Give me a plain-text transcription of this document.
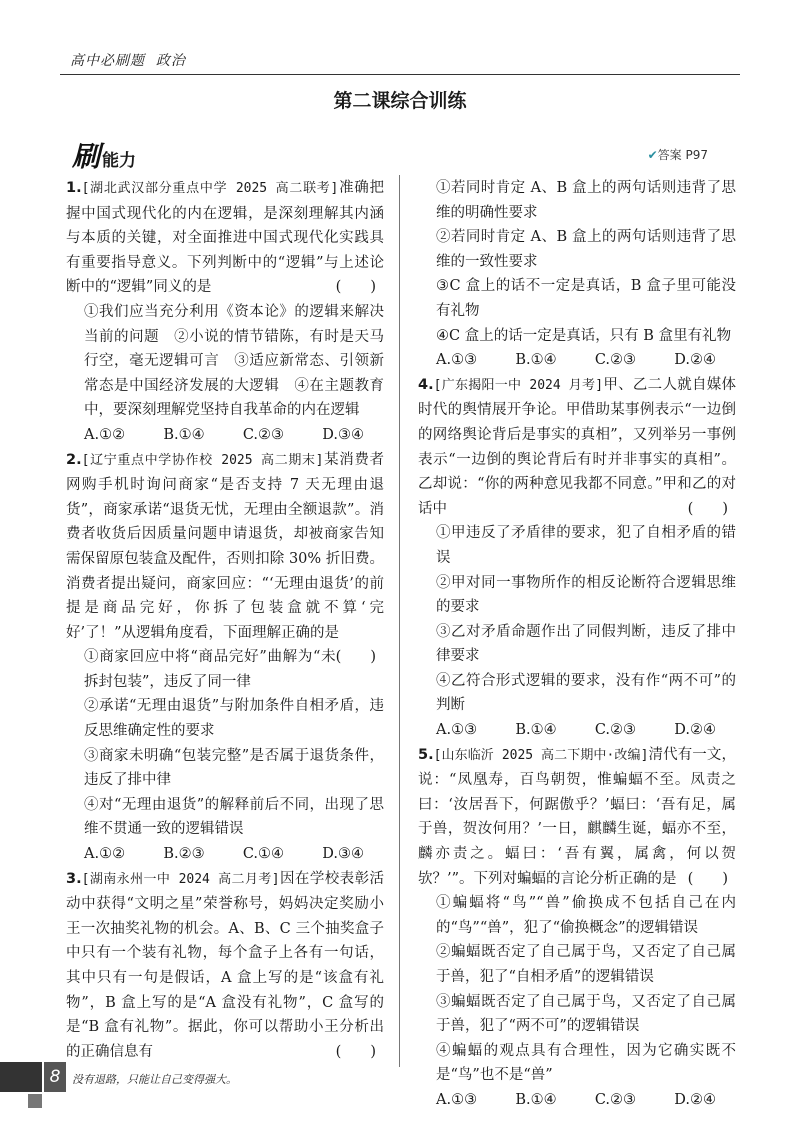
高中必刷题 政治
第二课综合训练
刷能力	✔答案 P97
1.[湖北武汉部分重点中学 2025 高二联考]准确把握中国式现代化的内在逻辑，是深刻理解其内涵与本质的关键，对全面推进中国式现代化实践具有重要指导意义。下列判断中的“逻辑”与上述论断中的“逻辑”同义的是	(　　)
①我们应当充分利用《资本论》的逻辑来解决当前的问题　②小说的情节错陈，有时是天马行空，毫无逻辑可言　③适应新常态、引领新常态是中国经济发展的大逻辑　④在主题教育中，要深刻理解党坚持自我革命的内在逻辑
A.①②	B.①④	C.②③	D.③④
2.[辽宁重点中学协作校 2025 高二期末]某消费者网购手机时询问商家“是否支持 7 天无理由退货”，商家承诺“退货无忧，无理由全额退款”。消费者收货后因质量问题申请退货，却被商家告知需保留原包装盒及配件，否则扣除 30% 折旧费。消费者提出疑问，商家回应：“‘无理由退货’的前提是商品完好，你拆了包装盒就不算‘完好’了！”从逻辑角度看，下面理解正确的是
(　　)
①商家回应中将“商品完好”曲解为“未拆封包装”，违反了同一律
②承诺“无理由退货”与附加条件自相矛盾，违反思维确定性的要求
③商家未明确“包装完整”是否属于退货条件，违反了排中律
④对“无理由退货”的解释前后不同，出现了思维不贯通一致的逻辑错误
A.①②	B.②③	C.①④	D.③④
3.[湖南永州一中 2024 高二月考]因在学校表彰活动中获得“文明之星”荣誉称号，妈妈决定奖励小王一次抽奖礼物的机会。A、B、C 三个抽奖盒子中只有一个装有礼物，每个盒子上各有一句话，其中只有一句是假话，A 盒上写的是“该盒有礼物”，B 盒上写的是“A 盒没有礼物”，C 盒写的是“B 盒有礼物”。据此，你可以帮助小王分析出的正确信息有	(　　)
①若同时肯定 A、B 盒上的两句话则违背了思维的明确性要求
②若同时肯定 A、B 盒上的两句话则违背了思维的一致性要求
③C 盒上的话不一定是真话，B 盒子里可能没有礼物
④C 盒上的话一定是真话，只有 B 盒里有礼物
A.①③	B.①④	C.②③	D.②④
4.[广东揭阳一中 2024 月考]甲、乙二人就自媒体时代的舆情展开争论。甲借助某事例表示“一边倒的网络舆论背后是事实的真相”，又列举另一事例表示“一边倒的舆论背后有时并非事实的真相”。乙却说：“你的两种意见我都不同意。”甲和乙的对话中	(　　)
①甲违反了矛盾律的要求，犯了自相矛盾的错误
②甲对同一事物所作的相反论断符合逻辑思维的要求
③乙对矛盾命题作出了同假判断，违反了排中律要求
④乙符合形式逻辑的要求，没有作“两不可”的判断
A.①③	B.①④	C.②③	D.②④
5.[山东临沂 2025 高二下期中·改编]清代有一文，说：“凤凰寿，百鸟朝贺，惟蝙蝠不至。凤责之曰：‘汝居吾下，何踞傲乎？’蝠曰：‘吾有足，属于兽，贺汝何用？’一日，麒麟生诞，蝠亦不至，麟亦责之。蝠曰：‘吾有翼，属禽，何以贺欤？’”。下列对蝙蝠的言论分析正确的是 (　　)
①蝙蝠将“鸟”“兽”偷换成不包括自己在内的“鸟”“兽”，犯了“偷换概念”的逻辑错误
②蝙蝠既否定了自己属于鸟，又否定了自己属于兽，犯了“自相矛盾”的逻辑错误
③蝙蝠既否定了自己属于鸟，又否定了自己属于兽，犯了“两不可”的逻辑错误
④蝙蝠的观点具有合理性，因为它确实既不是“鸟”也不是“兽”
A.①③	B.①④	C.②③	D.②④
8	没有退路，只能让自己变得强大。
